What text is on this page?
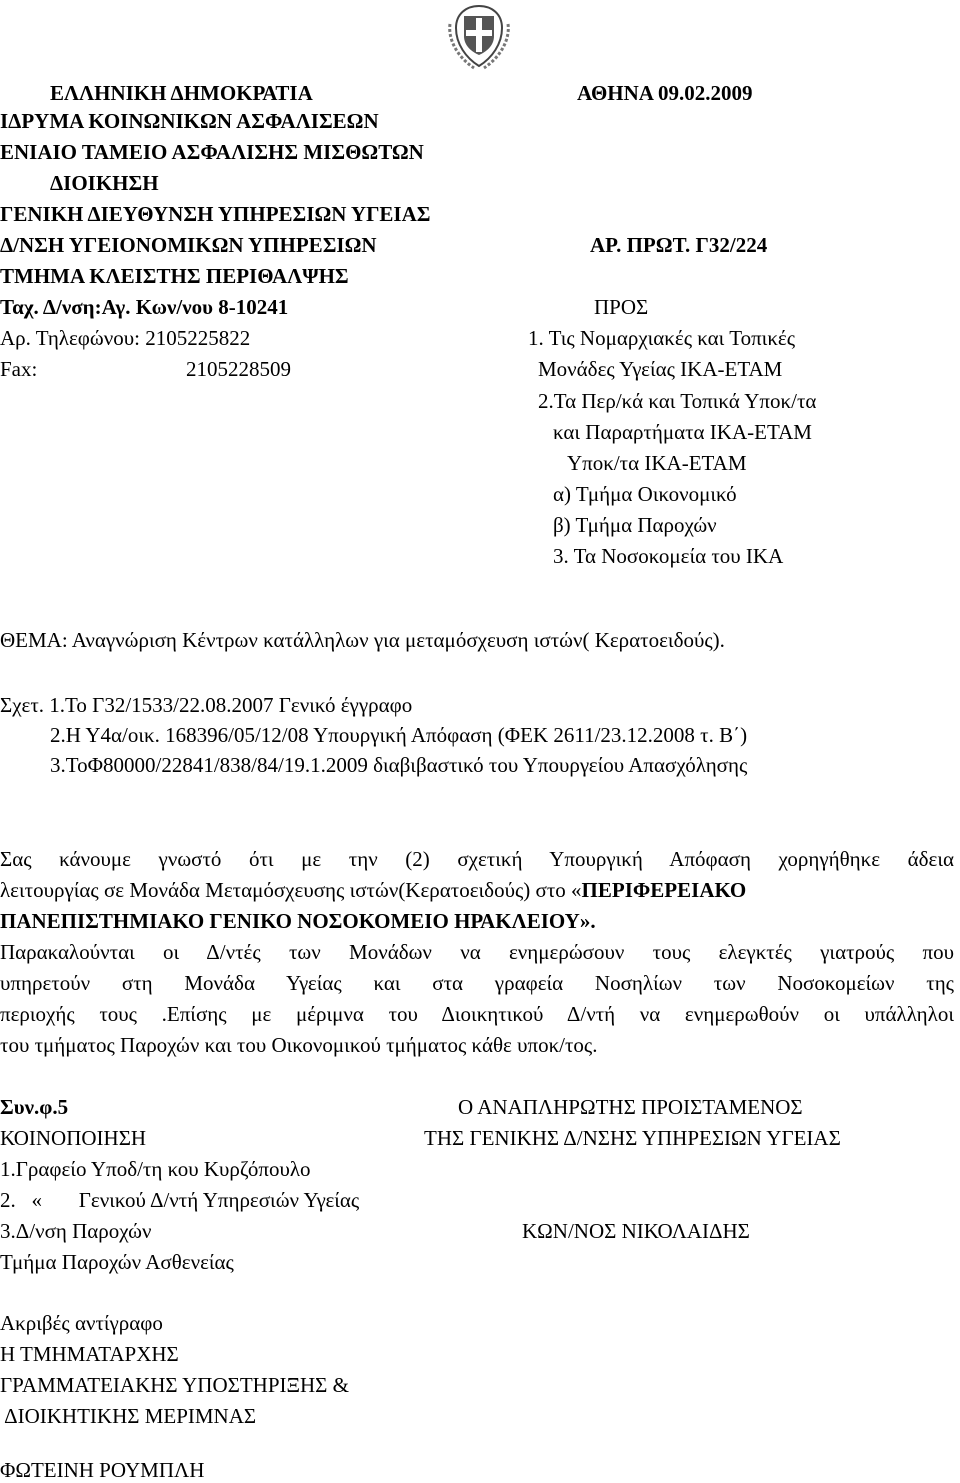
ΕΛΛΗΝΙΚΗ ΔΗΜΟΚΡΑΤΙΑ
ΙΔΡΥΜΑ ΚΟΙΝΩΝΙΚΩΝ ΑΣΦΑΛΙΣΕΩΝ
ΕΝΙΑΙΟ ΤΑΜΕΙΟ ΑΣΦΑΛΙΣΗΣ ΜΙΣΘΩΤΩΝ
ΔΙΟΙΚΗΣΗ
ΓΕΝΙΚΗ ΔΙΕΥΘΥΝΣΗ ΥΠΗΡΕΣΙΩΝ ΥΓΕΙΑΣ
Δ/ΝΣΗ ΥΓΕΙΟΝΟΜΙΚΩΝ ΥΠΗΡΕΣΙΩΝ
ΤΜΗΜΑ ΚΛΕΙΣΤΗΣ ΠΕΡΙΘΑΛΨΗΣ
Ταχ. Δ/νση:Αγ. Κων/νου 8-10241
Αρ. Τηλεφώνου: 2105225822
Fax:	2105228509
ΑΘΗΝΑ 09.02.2009
ΑΡ. ΠΡΩΤ. Γ32/224
ΠΡΟΣ
1. Τις Νομαρχιακές και Τοπικές
Μονάδες Υγείας ΙΚΑ-ΕΤΑΜ
2.Τα Περ/κά και Τοπικά Υποκ/τα
και Παραρτήματα ΙΚΑ-ΕΤΑΜ
Υποκ/τα ΙΚΑ-ΕΤΑΜ
α) Τμήμα Οικονομικό
β) Τμήμα Παροχών
3. Τα Νοσοκομεία του ΙΚΑ
ΘΕΜΑ: Αναγνώριση Κέντρων κατάλληλων για μεταμόσχευση ιστών( Κερατοειδούς).
Σχετ. 1.Το Γ32/1533/22.08.2007 Γενικό έγγραφο
2.Η Υ4α/οικ. 168396/05/12/08 Υπουργική Απόφαση (ΦΕΚ 2611/23.12.2008 τ. Β΄)
3.ΤοΦ80000/22841/838/84/19.1.2009 διαβιβαστικό του Υπουργείου Απασχόλησης
Σας κάνουμε γνωστό ότι με την (2) σχετική Υπουργική Απόφαση χορηγήθηκε άδεια
λειτουργίας σε Μονάδα Μεταμόσχευσης ιστών(Κερατοειδούς) στο «ΠΕΡΙΦΕΡΕΙΑΚΟ
ΠΑΝΕΠΙΣΤΗΜΙΑΚΟ ΓΕΝΙΚΟ ΝΟΣΟΚΟΜΕΙΟ ΗΡΑΚΛΕΙΟΥ».
Παρακαλούνται οι Δ/ντές των Μονάδων να ενημερώσουν τους ελεγκτές γιατρούς που
υπηρετούν στη Μονάδα Υγείας και στα γραφεία Νοσηλίων των Νοσοκομείων της
περιοχής τους .Επίσης με μέριμνα του Διοικητικού Δ/ντή να ενημερωθούν οι υπάλληλοι
του τμήματος Παροχών και του Οικονομικού τμήματος κάθε υποκ/τος.
Συν.φ.5	Ο ΑΝΑΠΛΗΡΩΤΗΣ ΠΡΟΙΣΤΑΜΕΝΟΣ
ΚΟΙΝΟΠΟΙΗΣΗ	ΤΗΣ ΓΕΝΙΚΗΣ Δ/ΝΣΗΣ ΥΠΗΡΕΣΙΩΝ ΥΓΕΙΑΣ
1.Γραφείο Υποδ/τη κου Κυρζόπουλο
2.   «       Γενικού Δ/ντή Υπηρεσιών Υγείας
3.Δ/νση Παροχών	ΚΩΝ/ΝΟΣ ΝΙΚΟΛΑΙΔΗΣ
Τμήμα Παροχών Ασθενείας
Ακριβές αντίγραφο
Η ΤΜΗΜΑΤΑΡΧΗΣ
ΓΡΑΜΜΑΤΕΙΑΚΗΣ ΥΠΟΣΤΗΡΙΞΗΣ &
ΔΙΟΙΚΗΤΙΚΗΣ ΜΕΡΙΜΝΑΣ
ΦΩΤΕΙΝΗ ΡΟΥΜΠΛΗ
